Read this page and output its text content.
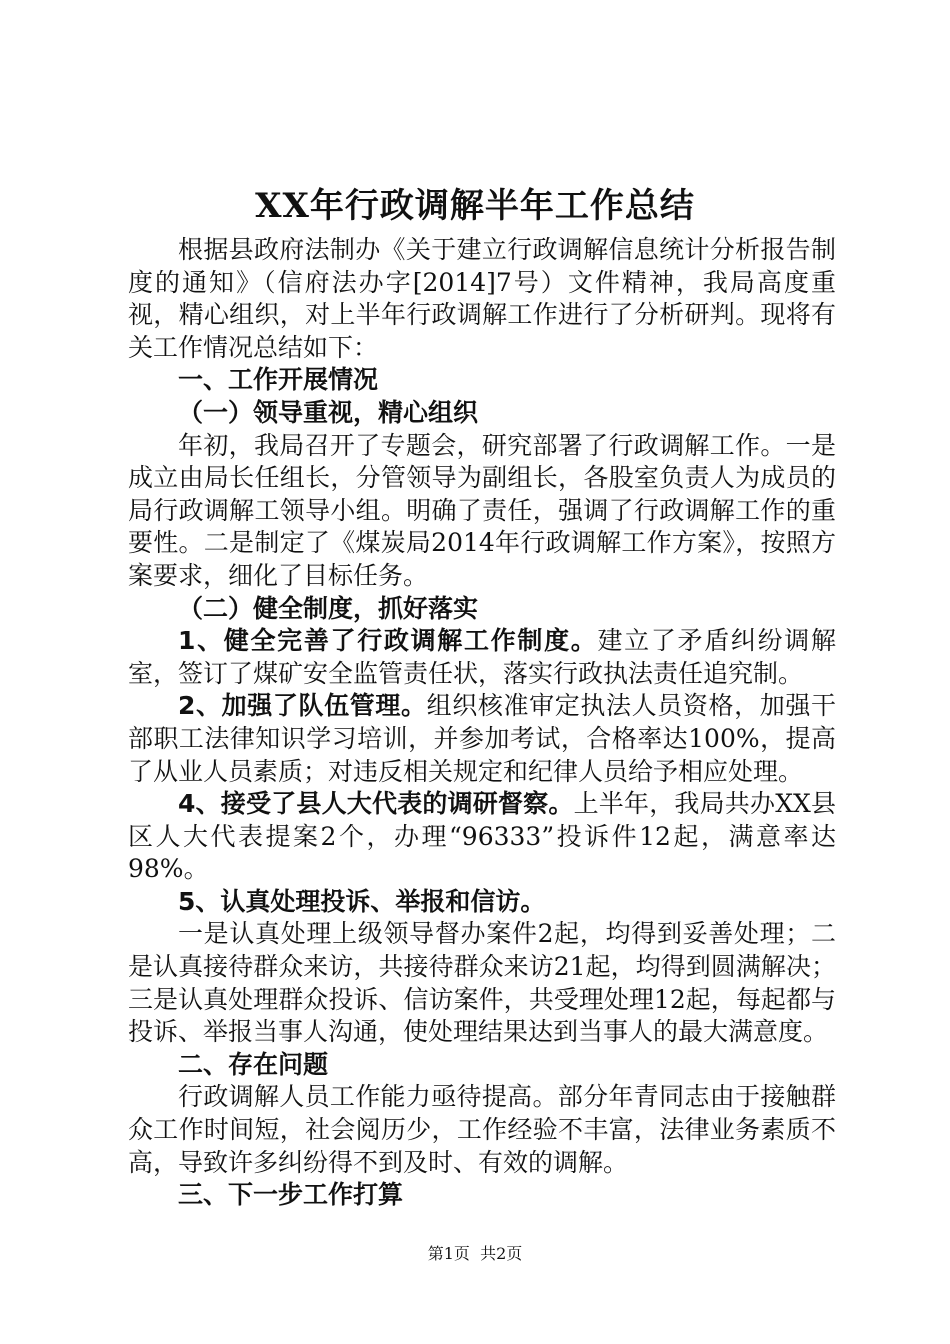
XX年行政调解半年工作总结

根据县政府法制办《关于建立行政调解信息统计分析报告制度的通知》（信府法办字[2014]7号）文件精神，我局高度重视，精心组织，对上半年行政调解工作进行了分析研判。现将有关工作情况总结如下：

一、工作开展情况

（一）领导重视，精心组织

年初，我局召开了专题会，研究部署了行政调解工作。一是成立由局长任组长，分管领导为副组长，各股室负责人为成员的局行政调解工领导小组。明确了责任，强调了行政调解工作的重要性。二是制定了《煤炭局2014年行政调解工作方案》，按照方案要求，细化了目标任务。

（二）健全制度，抓好落实

1、健全完善了行政调解工作制度。建立了矛盾纠纷调解室，签订了煤矿安全监管责任状，落实行政执法责任追究制。

2、加强了队伍管理。组织核准审定执法人员资格，加强干部职工法律知识学习培训，并参加考试，合格率达100%，提高了从业人员素质；对违反相关规定和纪律人员给予相应处理。

4、接受了县人大代表的调研督察。上半年，我局共办XX县区人大代表提案2个，办理“96333”投诉件12起，满意率达98%。

5、认真处理投诉、举报和信访。

一是认真处理上级领导督办案件2起，均得到妥善处理；二是认真接待群众来访，共接待群众来访21起，均得到圆满解决；三是认真处理群众投诉、信访案件，共受理处理12起，每起都与投诉、举报当事人沟通，使处理结果达到当事人的最大满意度。

二、存在问题

行政调解人员工作能力亟待提高。部分年青同志由于接触群众工作时间短，社会阅历少，工作经验不丰富，法律业务素质不高，导致许多纠纷得不到及时、有效的调解。

三、下一步工作打算

第1页 共2页
